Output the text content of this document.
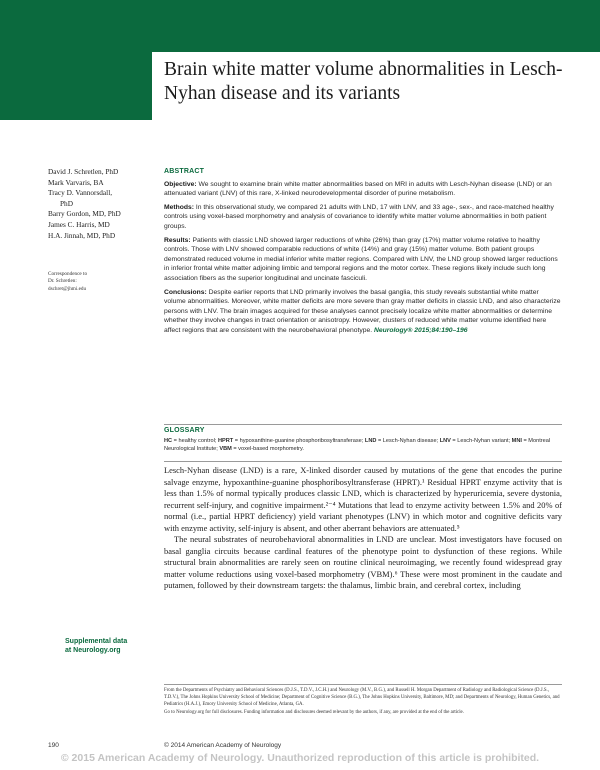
Brain white matter volume abnormalities in Lesch-Nyhan disease and its variants
David J. Schretlen, PhD
Mark Varvaris, BA
Tracy D. Vannorsdall,
PhD
Barry Gordon, MD, PhD
James C. Harris, MD
H.A. Jinnah, MD, PhD
Correspondence to
Dr. Schretlen:
dschret@jhmi.edu
ABSTRACT

Objective: We sought to examine brain white matter abnormalities based on MRI in adults with Lesch-Nyhan disease (LND) or an attenuated variant (LNV) of this rare, X-linked neurodevelopmental disorder of purine metabolism.

Methods: In this observational study, we compared 21 adults with LND, 17 with LNV, and 33 age-, sex-, and race-matched healthy controls using voxel-based morphometry and analysis of covariance to identify white matter volume abnormalities in both patient groups.

Results: Patients with classic LND showed larger reductions of white (26%) than gray (17%) matter volume relative to healthy controls. Those with LNV showed comparable reductions of white (14%) and gray (15%) matter volume. Both patient groups demonstrated reduced volume in medial inferior white matter regions. Compared with LNV, the LND group showed larger reductions in inferior frontal white matter adjoining limbic and temporal regions and the motor cortex. These regions likely include such long association fibers as the superior longitudinal and uncinate fasciculi.

Conclusions: Despite earlier reports that LND primarily involves the basal ganglia, this study reveals substantial white matter volume abnormalities. Moreover, white matter deficits are more severe than gray matter deficits in classic LND, and also characterize persons with LNV. The brain images acquired for these analyses cannot precisely localize white matter abnormalities or determine whether they involve changes in tract orientation or anisotropy. However, clusters of reduced white matter volume identified here affect regions that are consistent with the neurobehavioral phenotype. Neurology® 2015;84:190–196

GLOSSARY
HC = healthy control; HPRT = hypoxanthine-guanine phosphoribosyltransferase; LND = Lesch-Nyhan disease; LNV = Lesch-Nyhan variant; MNI = Montreal Neurological Institute; VBM = voxel-based morphometry.

Lesch-Nyhan disease (LND) is a rare, X-linked disorder caused by mutations of the gene that encodes the purine salvage enzyme, hypoxanthine-guanine phosphoribosyltransferase (HPRT).¹ Residual HPRT enzyme activity that is less than 1.5% of normal typically produces classic LND, which is characterized by hyperuricemia, severe dystonia, recurrent self-injury, and cognitive impairment.²⁻⁴ Mutations that lead to enzyme activity between 1.5% and 20% of normal (i.e., partial HPRT deficiency) yield variant phenotypes (LNV) in which motor and cognitive deficits vary with enzyme activity, self-injury is absent, and other aberrant behaviors are attenuated.⁵

The neural substrates of neurobehavioral abnormalities in LND are unclear. Most investigators have focused on basal ganglia circuits because cardinal features of the phenotype point to dysfunction of these regions. While structural brain abnormalities are rarely seen on routine clinical neuroimaging, we recently found widespread gray matter volume reductions using voxel-based morphometry (VBM).⁶ These were most prominent in the caudate and putamen, followed by their downstream targets: the thalamus, limbic brain, and cerebral cortex, including

Supplemental data
at Neurology.org

From the Departments of Psychiatry and Behavioral Sciences (D.J.S., T.D.V., J.C.H.) and Neurology (M.V., B.G.), and Russell H. Morgan Department of Radiology and Radiological Science (D.J.S., T.D.V.), The Johns Hopkins University School of Medicine; Department of Cognitive Science (B.G.), The Johns Hopkins University, Baltimore, MD; and Departments of Neurology, Human Genetics, and Pediatrics (H.A.J.), Emory University School of Medicine, Atlanta, GA.

Go to Neurology.org for full disclosures. Funding information and disclosures deemed relevant by the authors, if any, are provided at the end of the article.

190	© 2014 American Academy of Neurology
© 2015 American Academy of Neurology. Unauthorized reproduction of this article is prohibited.
